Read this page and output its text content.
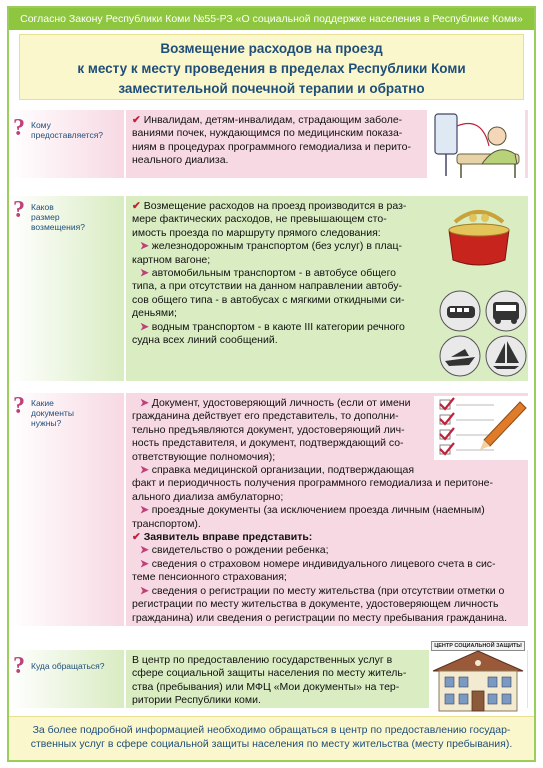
Согласно Закону Республики Коми №55-РЗ «О социальной поддержке населения в Республике Коми»
Возмещение расходов на проезд
к месту к месту проведения в пределах Республики Коми
заместительной почечной терапии и обратно
✔ Инвалидам, детям-инвалидам, страдающим заболе-
ваниями почек, нуждающимся по медицинским показа-
ниям в процедурах программного гемодиализа и перито-
неального диализа.
? Кому
предоставляется?
✔ Возмещение расходов на проезд производится в раз-
мере фактических расходов, не превышающем сто-
имость проезда по маршруту прямого следования:
➤ железнодорожным транспортом (без услуг) в плац-
картном вагоне;
➤ автомобильным транспортом - в автобусе общего
типа, а при отсутствии на данном направлении автобу-
сов общего типа - в автобусах с мягкими откидными си-
деньями;
➤ водным транспортом - в каюте III категории речного
судна всех линий сообщений.
? Каков
размер
возмещения?
➤ Документ, удостоверяющий личность (если от имени
гражданина действует его представитель, то дополни-
тельно предъявляются документ, удостоверяющий лич-
ность представителя, и документ, подтверждающий со-
ответствующие полномочия);
➤ справка медицинской организации, подтверждающая
факт и периодичность получения программного гемодиализа и перитоне-
ального диализа амбулаторно;
➤ проездные документы (за исключением проезда личным (наемным)
транспортом).
✔ Заявитель вправе представить:
➤ свидетельство о рождении ребенка;
➤ сведения о страховом номере индивидуального лицевого счета в сис-
теме пенсионного страхования;
➤ сведения о регистрации по месту жительства (при отсутствии отметки о
регистрации по месту жительства в документе, удостоверяющем личность
гражданина) или сведения о регистрации по месту пребывания гражданина.
? Какие
документы
нужны?
В центр по предоставлению государственных услуг в
сфере социальной защиты населения по месту житель-
ства (пребывания) или МФЦ «Мои документы» на тер-
ритории Республики коми.
? Куда обращаться?
ЦЕНТР СОЦИАЛЬНОЙ ЗАЩИТЫ
За более подробной информацией необходимо обращаться в центр по предоставлению государ-
ственных услуг в сфере социальной защиты населения по месту жительства (месту пребывания).
